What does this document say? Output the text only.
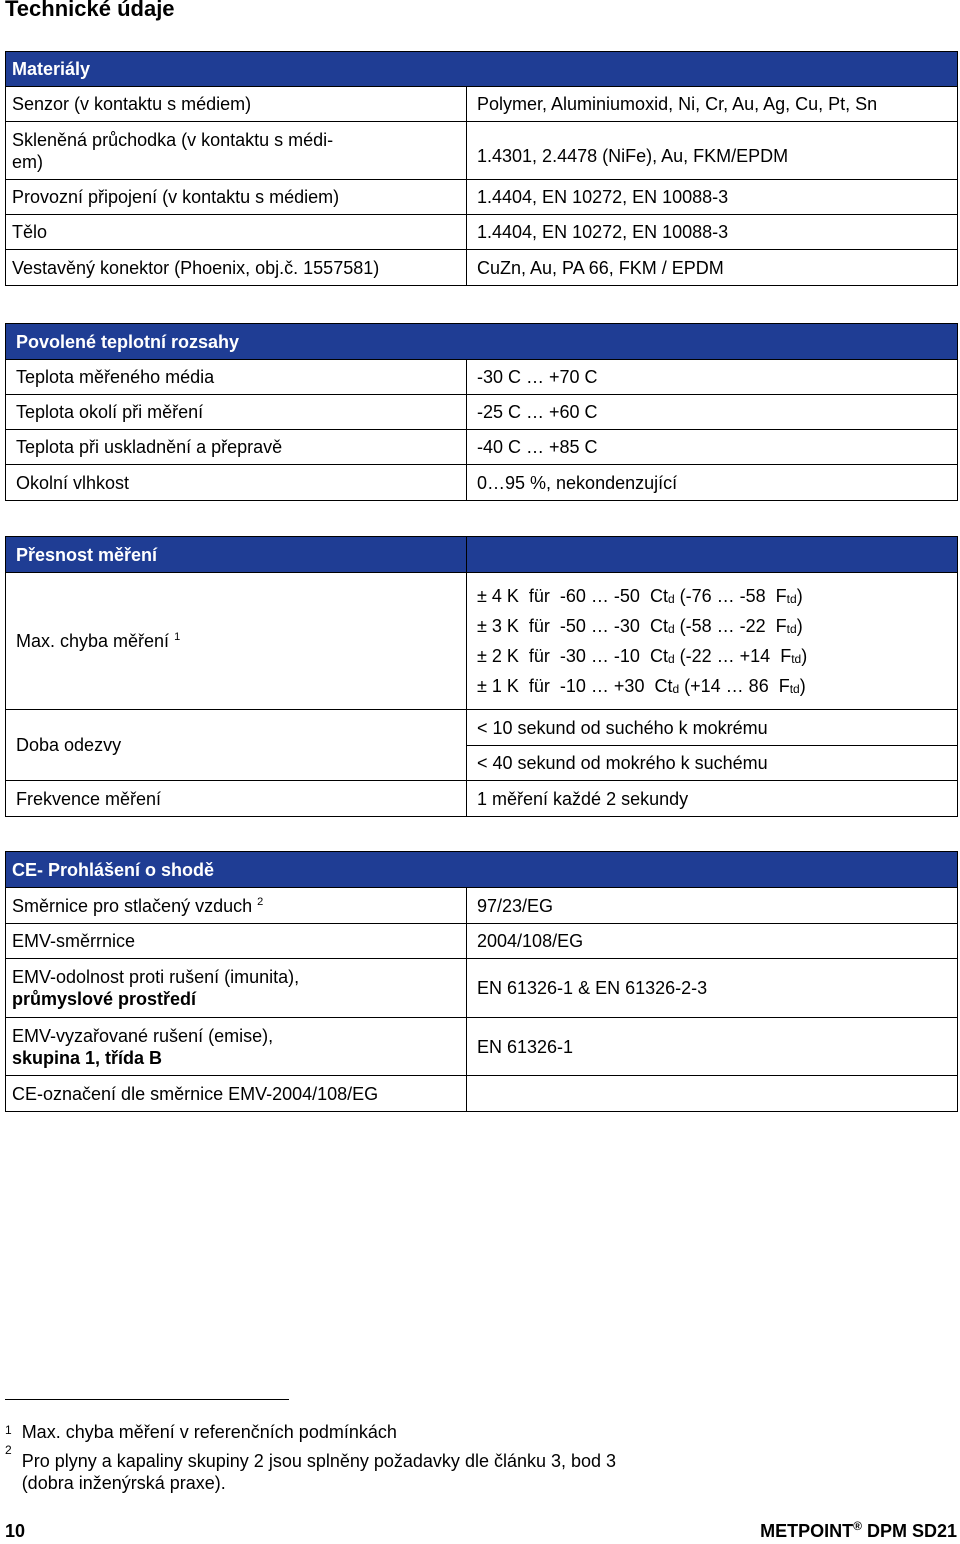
Technické údaje
Materiály	
Senzor (v kontaktu s médiem)	Polymer, Aluminiumoxid, Ni, Cr, Au, Ag, Cu, Pt, Sn
Skleněná průchodka (v kontaktu s médi-
em)	1.4301, 2.4478 (NiFe), Au, FKM/EPDM
Provozní připojení (v kontaktu s médiem)	1.4404, EN 10272, EN 10088-3
Tělo	1.4404, EN 10272, EN 10088-3
Vestavěný konektor (Phoenix, obj.č. 1557581)	CuZn, Au, PA 66, FKM / EPDM
Povolené teplotní rozsahy	
Teplota měřeného média	-30 C … +70 C
Teplota okolí při měření	-25 C … +60 C
Teplota při uskladnění a přepravě	-40 C … +85 C
Okolní vlhkost	0…95 %, nekondenzující
Přesnost měření	
Max. chyba měření $^1$	± 4 K  für  -60 … -50  $Ct_d$ (-76 … -58  $F_{td}$)
± 3 K  für  -50 … -30  $Ct_d$ (-58 … -22  $F_{td}$)
± 2 K  für  -30 … -10  $Ct_d$ (-22 … +14  $F_{td}$)
± 1 K  für  -10 … +30  $Ct_d$ (+14 … 86  $F_{td}$)

Doba odezvy	< 10 sekund od suchého k mokrému
	< 40 sekund od mokrého k suchému
Frekvence měření	1 měření každé 2 sekundy
CE- Prohlášení o shodě	
Směrnice pro stlačený vzduch $^2$	97/23/EG
EMV-směrrnice	2004/108/EG
EMV-odolnost proti rušení (imunita),
průmyslové prostředí	EN 61326-1 & EN 61326-2-3
EMV-vyzařované rušení (emise),
skupina 1, třída B	EN 61326-1
CE-označení dle směrnice EMV-2004/108/EG	
$^1$ Max. chyba měření v referenčních podmínkách
$^2$Pro plyny a kapaliny skupiny 2 jsou splněny požadavky dle článku 3, bod 3
(dobra inženýrská praxe).
10	METPOINT® DPM SD21
